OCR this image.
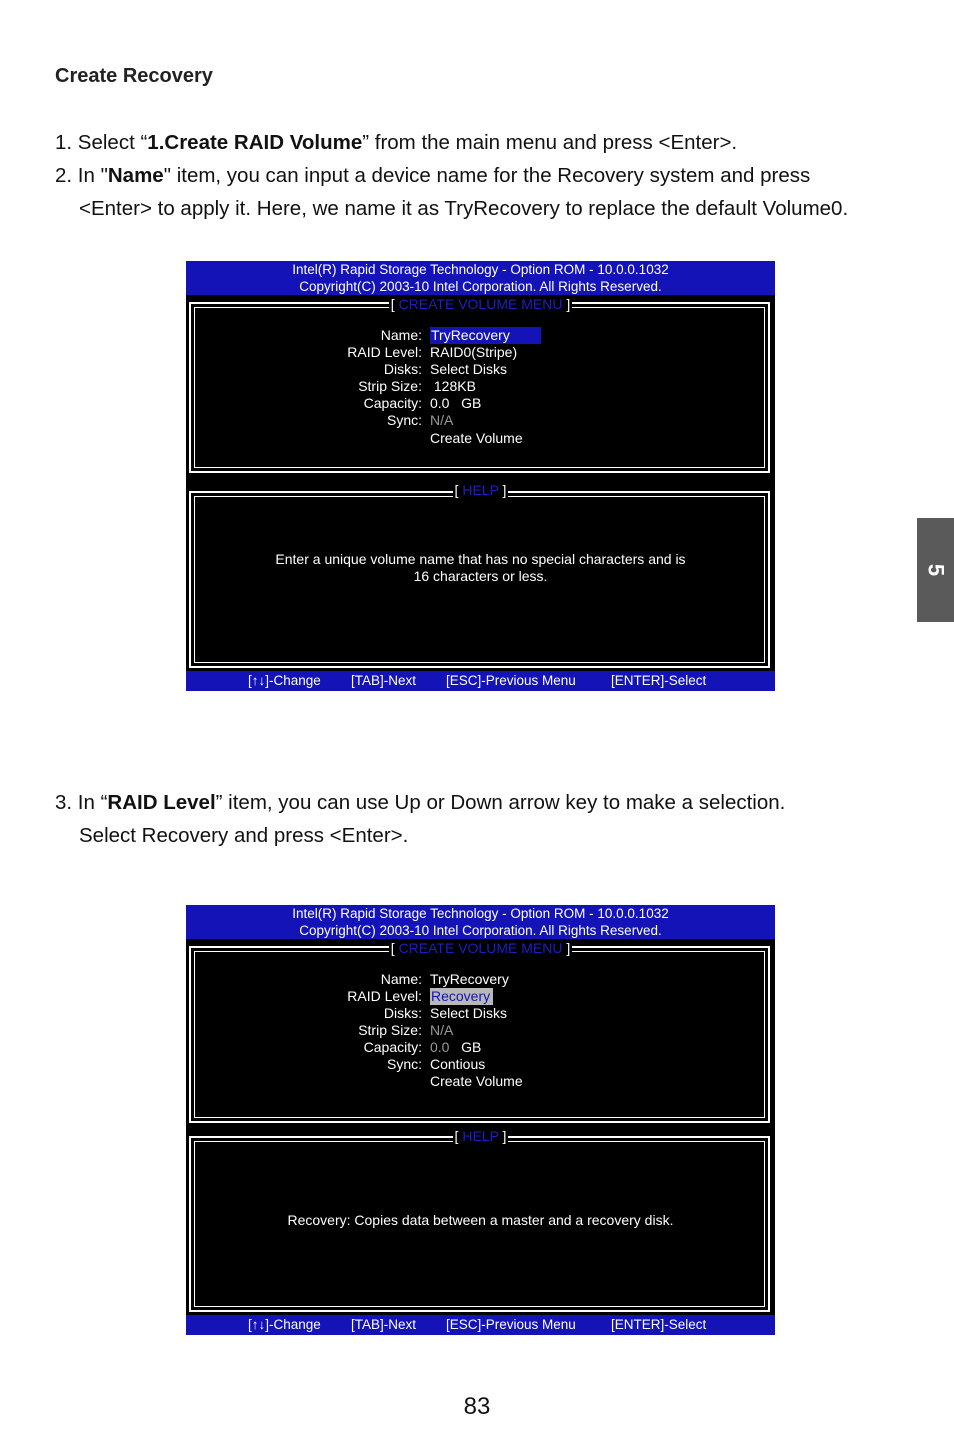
Create Recovery
1. Select “1.Create RAID Volume” from the main menu and press <Enter>.
2. In "Name" item, you can input a device name for the Recovery system and press
<Enter> to apply it. Here, we name it as TryRecovery to replace the default Volume0.
Intel(R) Rapid Storage Technology - Option ROM - 10.0.0.1032
Copyright(C) 2003-10 Intel Corporation. All Rights Reserved.
[ CREATE VOLUME MENU ]
Name: TryRecovery
RAID Level: RAID0(Stripe)
Disks: Select Disks
Strip Size: 128KB
Capacity: 0.0   GB
Sync: N/A
Create Volume
[ HELP ]
Enter a unique volume name that has no special characters and is
16 characters or less.
[↑↓]-Change [TAB]-Next [ESC]-Previous Menu	[ENTER]-Select
3. In “RAID Level” item, you can use Up or Down arrow key to make a selection.
Select Recovery and press <Enter>.
Intel(R) Rapid Storage Technology - Option ROM - 10.0.0.1032
Copyright(C) 2003-10 Intel Corporation. All Rights Reserved.
[ CREATE VOLUME MENU ]
Name: TryRecovery
RAID Level: Recovery
Disks: Select Disks
Strip Size: N/A
Capacity: 0.0   GB
Sync: Contious
Create Volume
[ HELP ]
Recovery: Copies data between a master and a recovery disk.
[↑↓]-Change [TAB]-Next [ESC]-Previous Menu	[ENTER]-Select
5
83
